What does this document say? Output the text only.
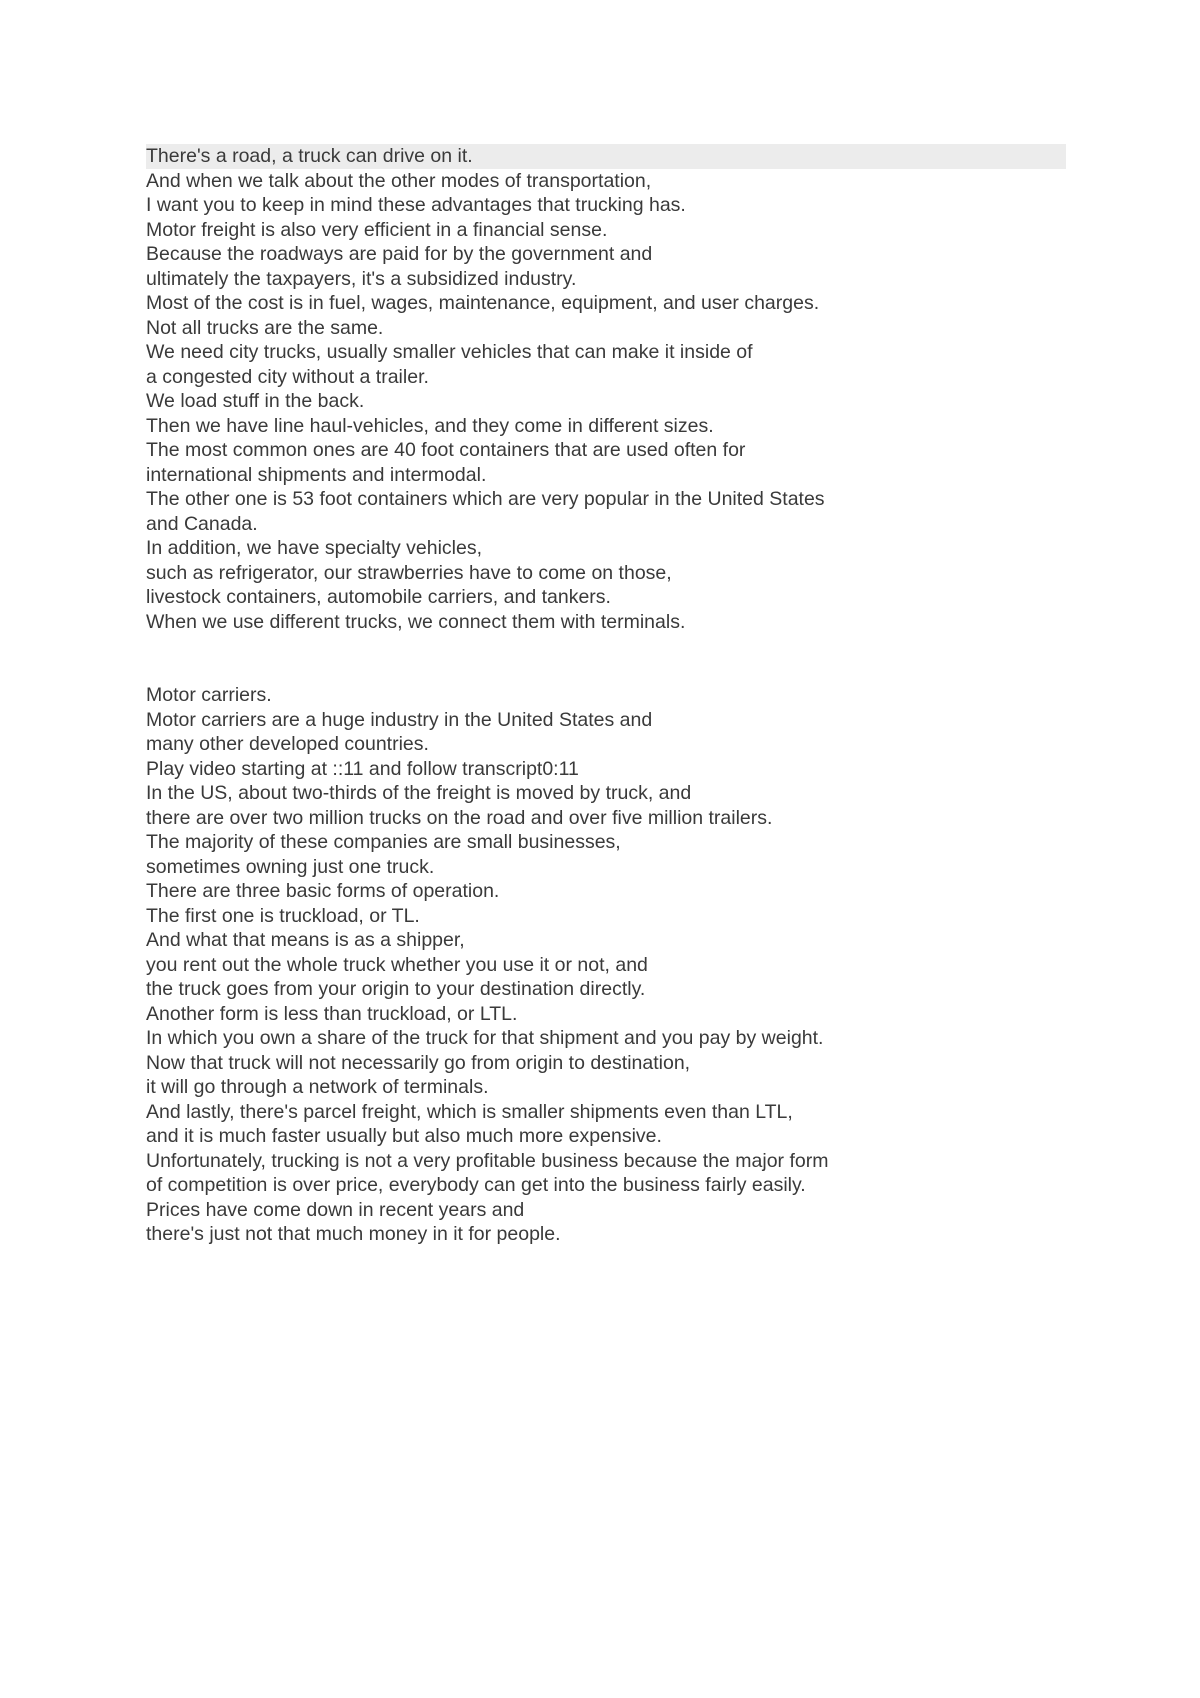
There's a road, a truck can drive on it.
And when we talk about the other modes of transportation,
I want you to keep in mind these advantages that trucking has.
Motor freight is also very efficient in a financial sense.
Because the roadways are paid for by the government and
ultimately the taxpayers, it's a subsidized industry.
Most of the cost is in fuel, wages, maintenance, equipment, and user charges.
Not all trucks are the same.
We need city trucks, usually smaller vehicles that can make it inside of
a congested city without a trailer.
We load stuff in the back.
Then we have line haul-vehicles, and they come in different sizes.
The most common ones are 40 foot containers that are used often for
international shipments and intermodal.
The other one is 53 foot containers which are very popular in the United States
and Canada.
In addition, we have specialty vehicles,
such as refrigerator, our strawberries have to come on those,
livestock containers, automobile carriers, and tankers.
When we use different trucks, we connect them with terminals.
Motor carriers.
Motor carriers are a huge industry in the United States and
many other developed countries.
Play video starting at ::11 and follow transcript0:11
In the US, about two-thirds of the freight is moved by truck, and
there are over two million trucks on the road and over five million trailers.
The majority of these companies are small businesses,
sometimes owning just one truck.
There are three basic forms of operation.
The first one is truckload, or TL.
And what that means is as a shipper,
you rent out the whole truck whether you use it or not, and
the truck goes from your origin to your destination directly.
Another form is less than truckload, or LTL.
In which you own a share of the truck for that shipment and you pay by weight.
Now that truck will not necessarily go from origin to destination,
it will go through a network of terminals.
And lastly, there's parcel freight, which is smaller shipments even than LTL,
and it is much faster usually but also much more expensive.
Unfortunately, trucking is not a very profitable business because the major form
of competition is over price, everybody can get into the business fairly easily.
Prices have come down in recent years and
there's just not that much money in it for people.
